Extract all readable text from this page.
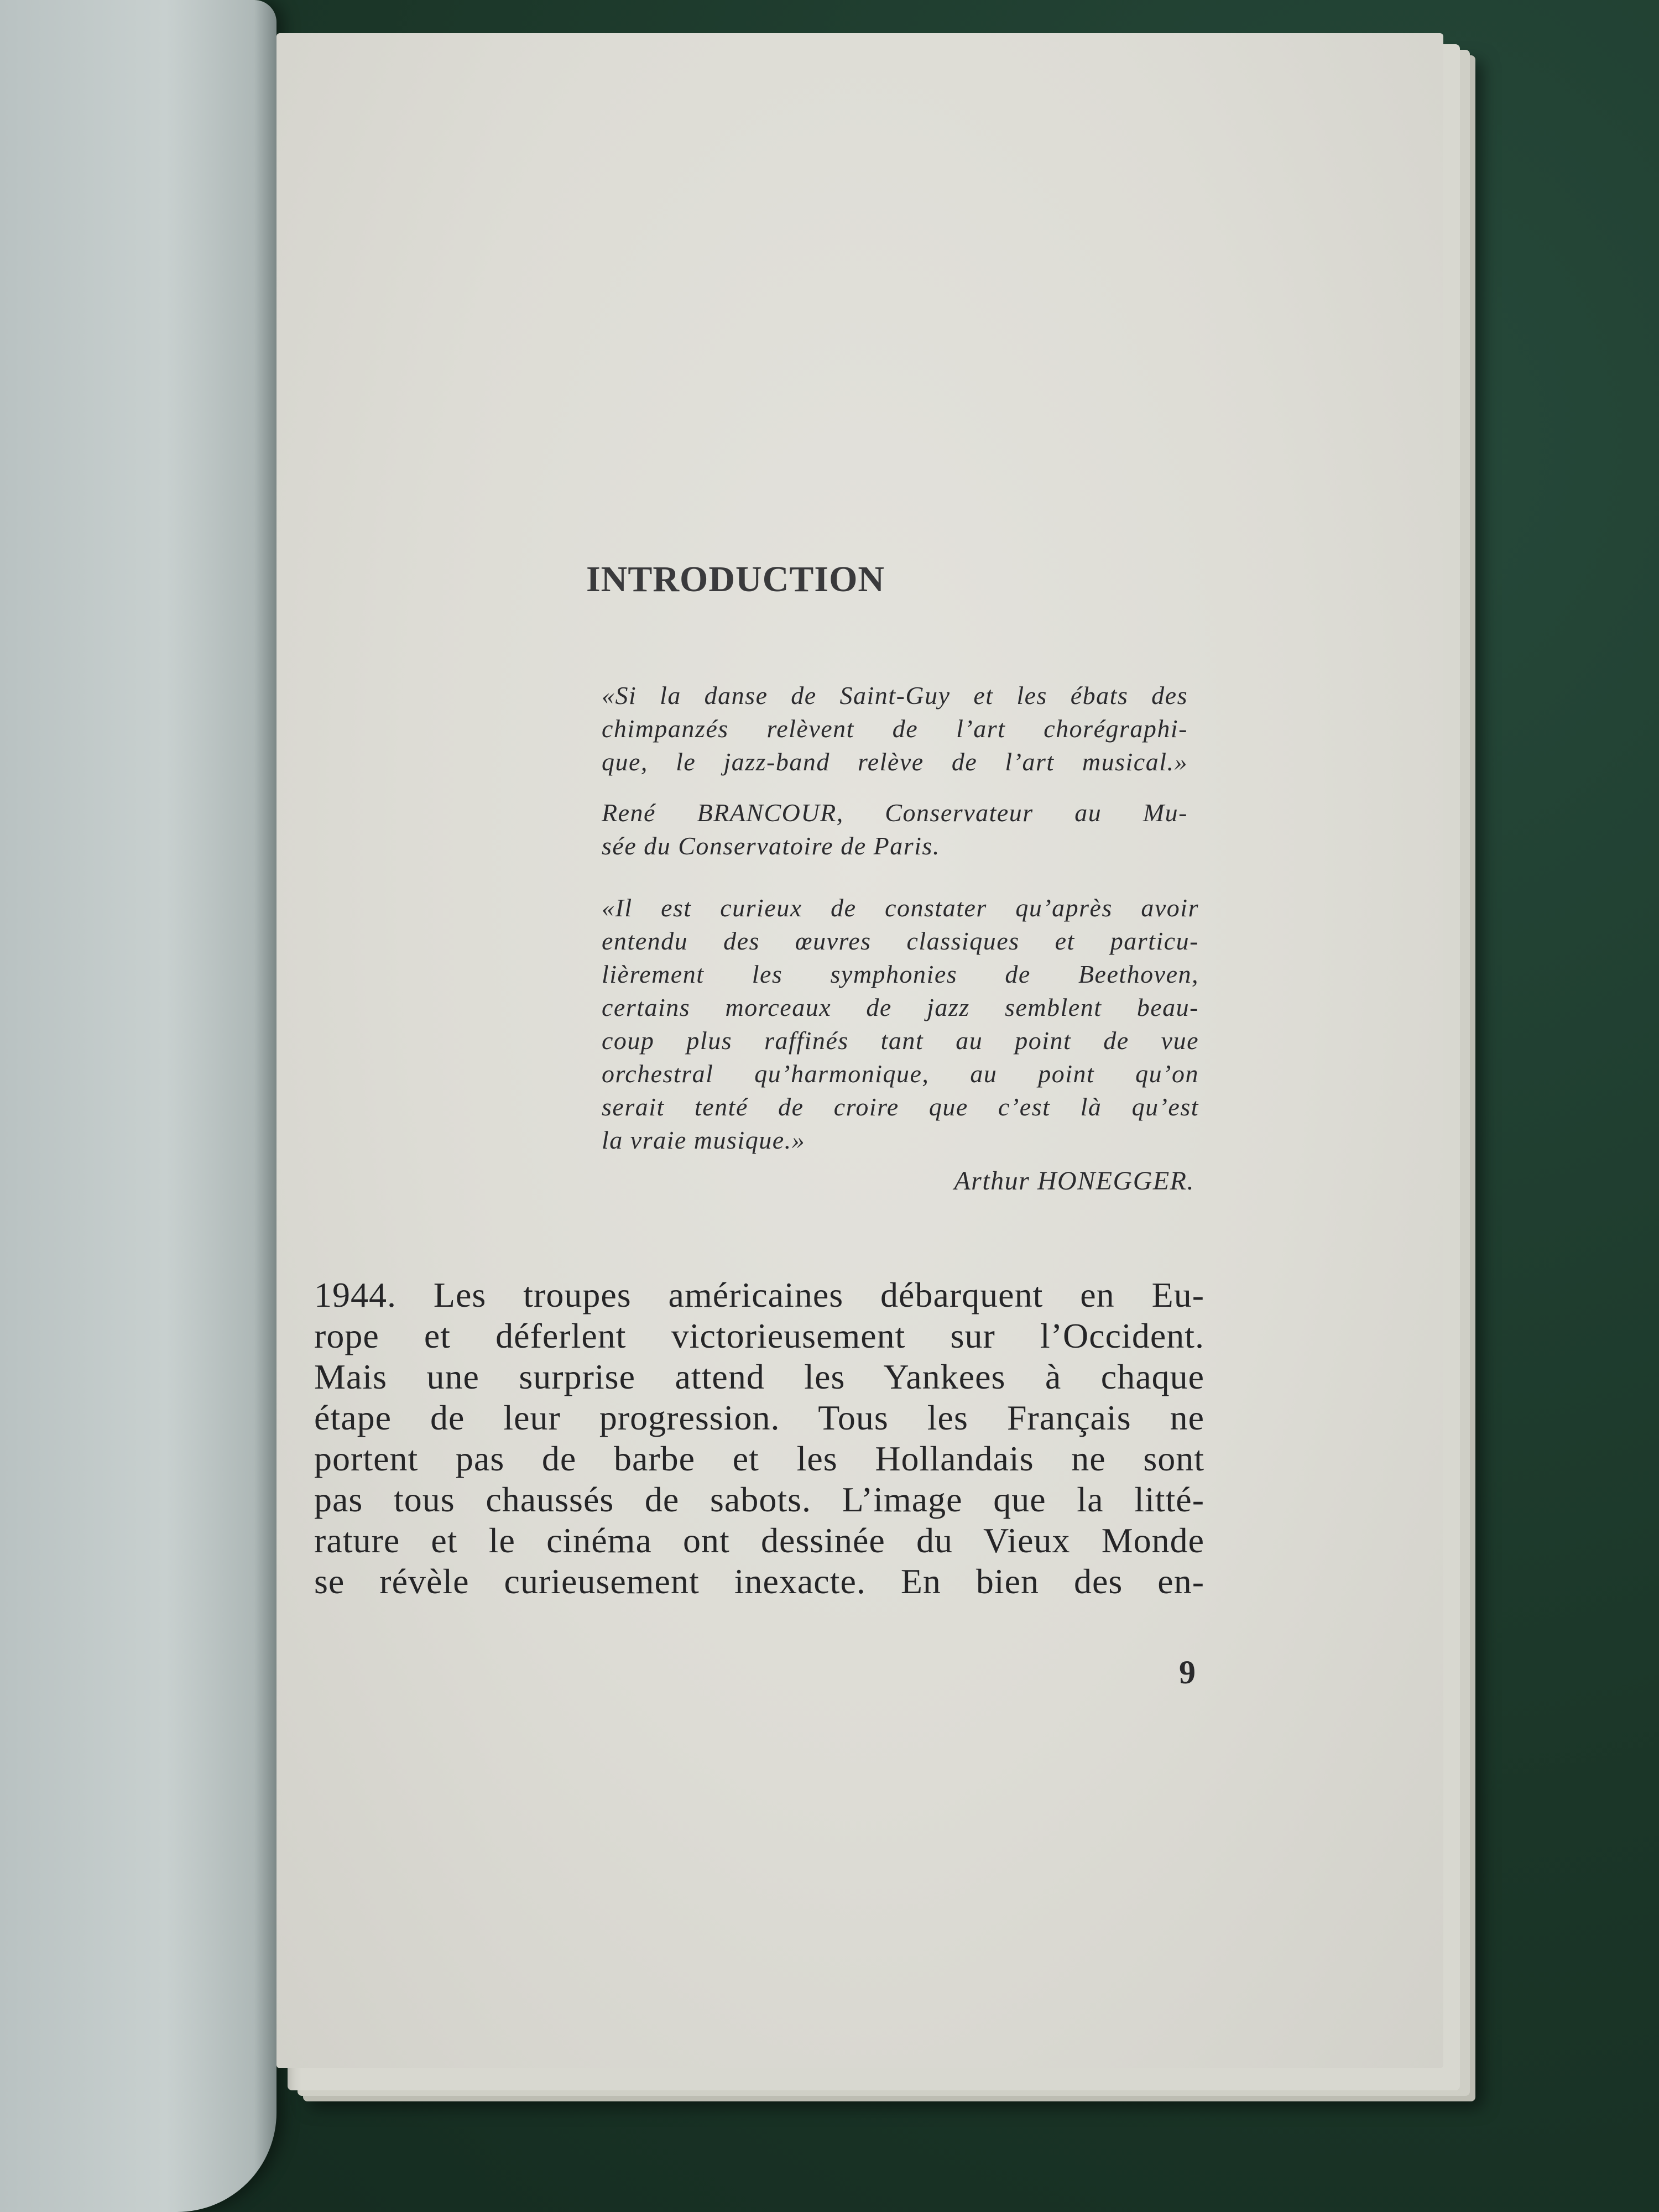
INTRODUCTION
«Si la danse de Saint-Guy et les ébats des
chimpanzés relèvent de l’art chorégraphi-
que, le jazz-band relève de l’art musical.»
René BRANCOUR, Conservateur au Mu-
sée du Conservatoire de Paris.
«Il est curieux de constater qu’après avoir
entendu des œuvres classiques et particu-
lièrement les symphonies de Beethoven,
certains morceaux de jazz semblent beau-
coup plus raffinés tant au point de vue
orchestral qu’harmonique, au point qu’on
serait tenté de croire que c’est là qu’est
la vraie musique.»
Arthur HONEGGER.
1944. Les troupes américaines débarquent en Eu-
rope et déferlent victorieusement sur l’Occident.
Mais une surprise attend les Yankees à chaque
étape de leur progression. Tous les Français ne
portent pas de barbe et les Hollandais ne sont
pas tous chaussés de sabots. L’image que la litté-
rature et le cinéma ont dessinée du Vieux Monde
se révèle curieusement inexacte. En bien des en-
9
